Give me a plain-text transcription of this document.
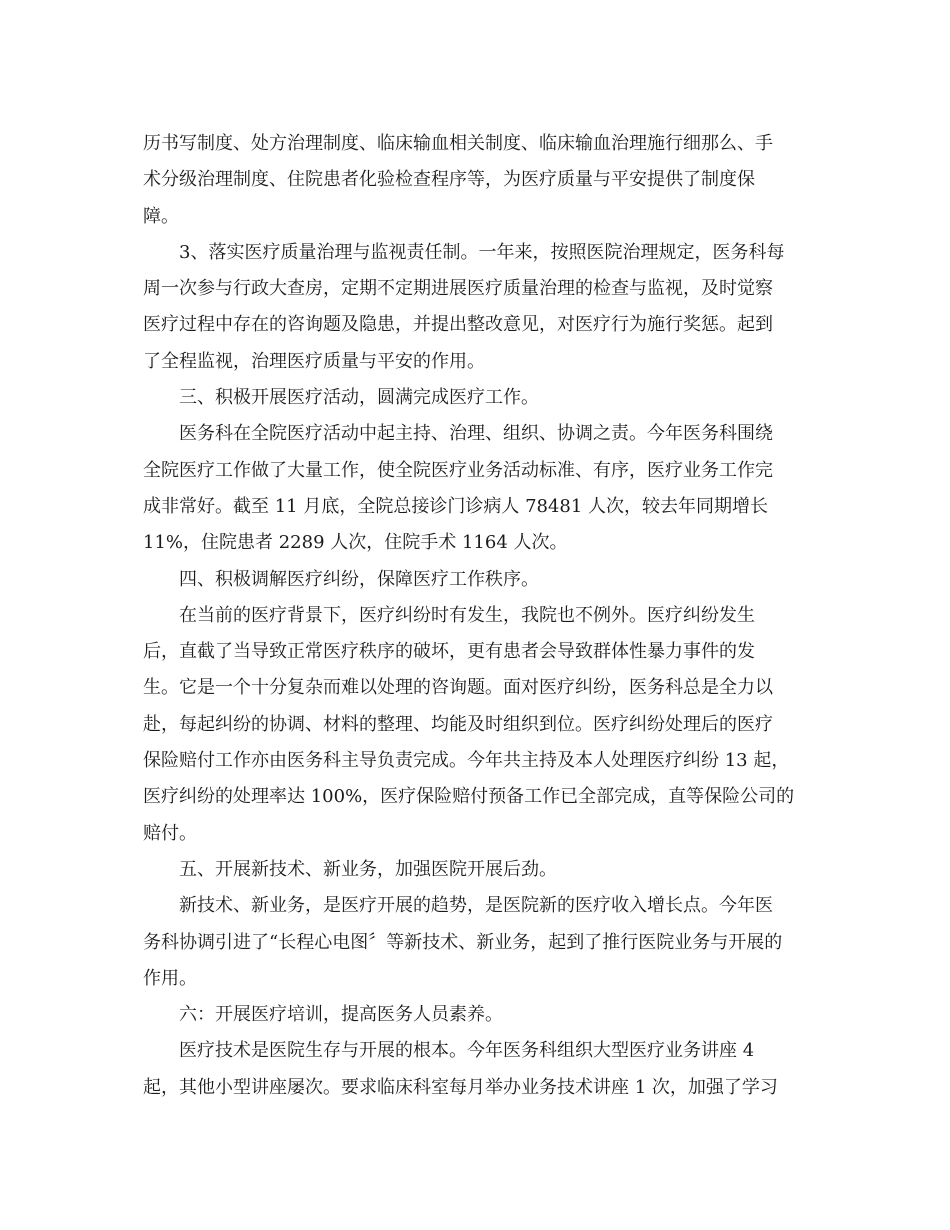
历书写制度、处方治理制度、临床输血相关制度、临床输血治理施行细那么、手
术分级治理制度、住院患者化验检查程序等，为医疗质量与平安提供了制度保
障。
3、落实医疗质量治理与监视责任制。一年来，按照医院治理规定，医务科每
周一次参与行政大查房，定期不定期进展医疗质量治理的检查与监视，及时觉察
医疗过程中存在的咨询题及隐患，并提出整改意见，对医疗行为施行奖惩。起到
了全程监视，治理医疗质量与平安的作用。
三、积极开展医疗活动，圆满完成医疗工作。
医务科在全院医疗活动中起主持、治理、组织、协调之责。今年医务科围绕
全院医疗工作做了大量工作，使全院医疗业务活动标准、有序，医疗业务工作完
成非常好。截至 11 月底，全院总接诊门诊病人 78481 人次，较去年同期增长
11%，住院患者 2289 人次，住院手术 1164 人次。
四、积极调解医疗纠纷，保障医疗工作秩序。
在当前的医疗背景下，医疗纠纷时有发生，我院也不例外。医疗纠纷发生
后，直截了当导致正常医疗秩序的破坏，更有患者会导致群体性暴力事件的发
生。它是一个十分复杂而难以处理的咨询题。面对医疗纠纷，医务科总是全力以
赴，每起纠纷的协调、材料的整理、均能及时组织到位。医疗纠纷处理后的医疗
保险赔付工作亦由医务科主导负责完成。今年共主持及本人处理医疗纠纷 13 起，
医疗纠纷的处理率达 100%，医疗保险赔付预备工作已全部完成，直等保险公司的
赔付。
五、开展新技术、新业务，加强医院开展后劲。
新技术、新业务，是医疗开展的趋势，是医院新的医疗收入增长点。今年医
务科协调引进了“长程心电图〞等新技术、新业务，起到了推行医院业务与开展的
作用。
六：开展医疗培训，提高医务人员素养。
医疗技术是医院生存与开展的根本。今年医务科组织大型医疗业务讲座 4
起，其他小型讲座屡次。要求临床科室每月举办业务技术讲座 1 次，加强了学习
